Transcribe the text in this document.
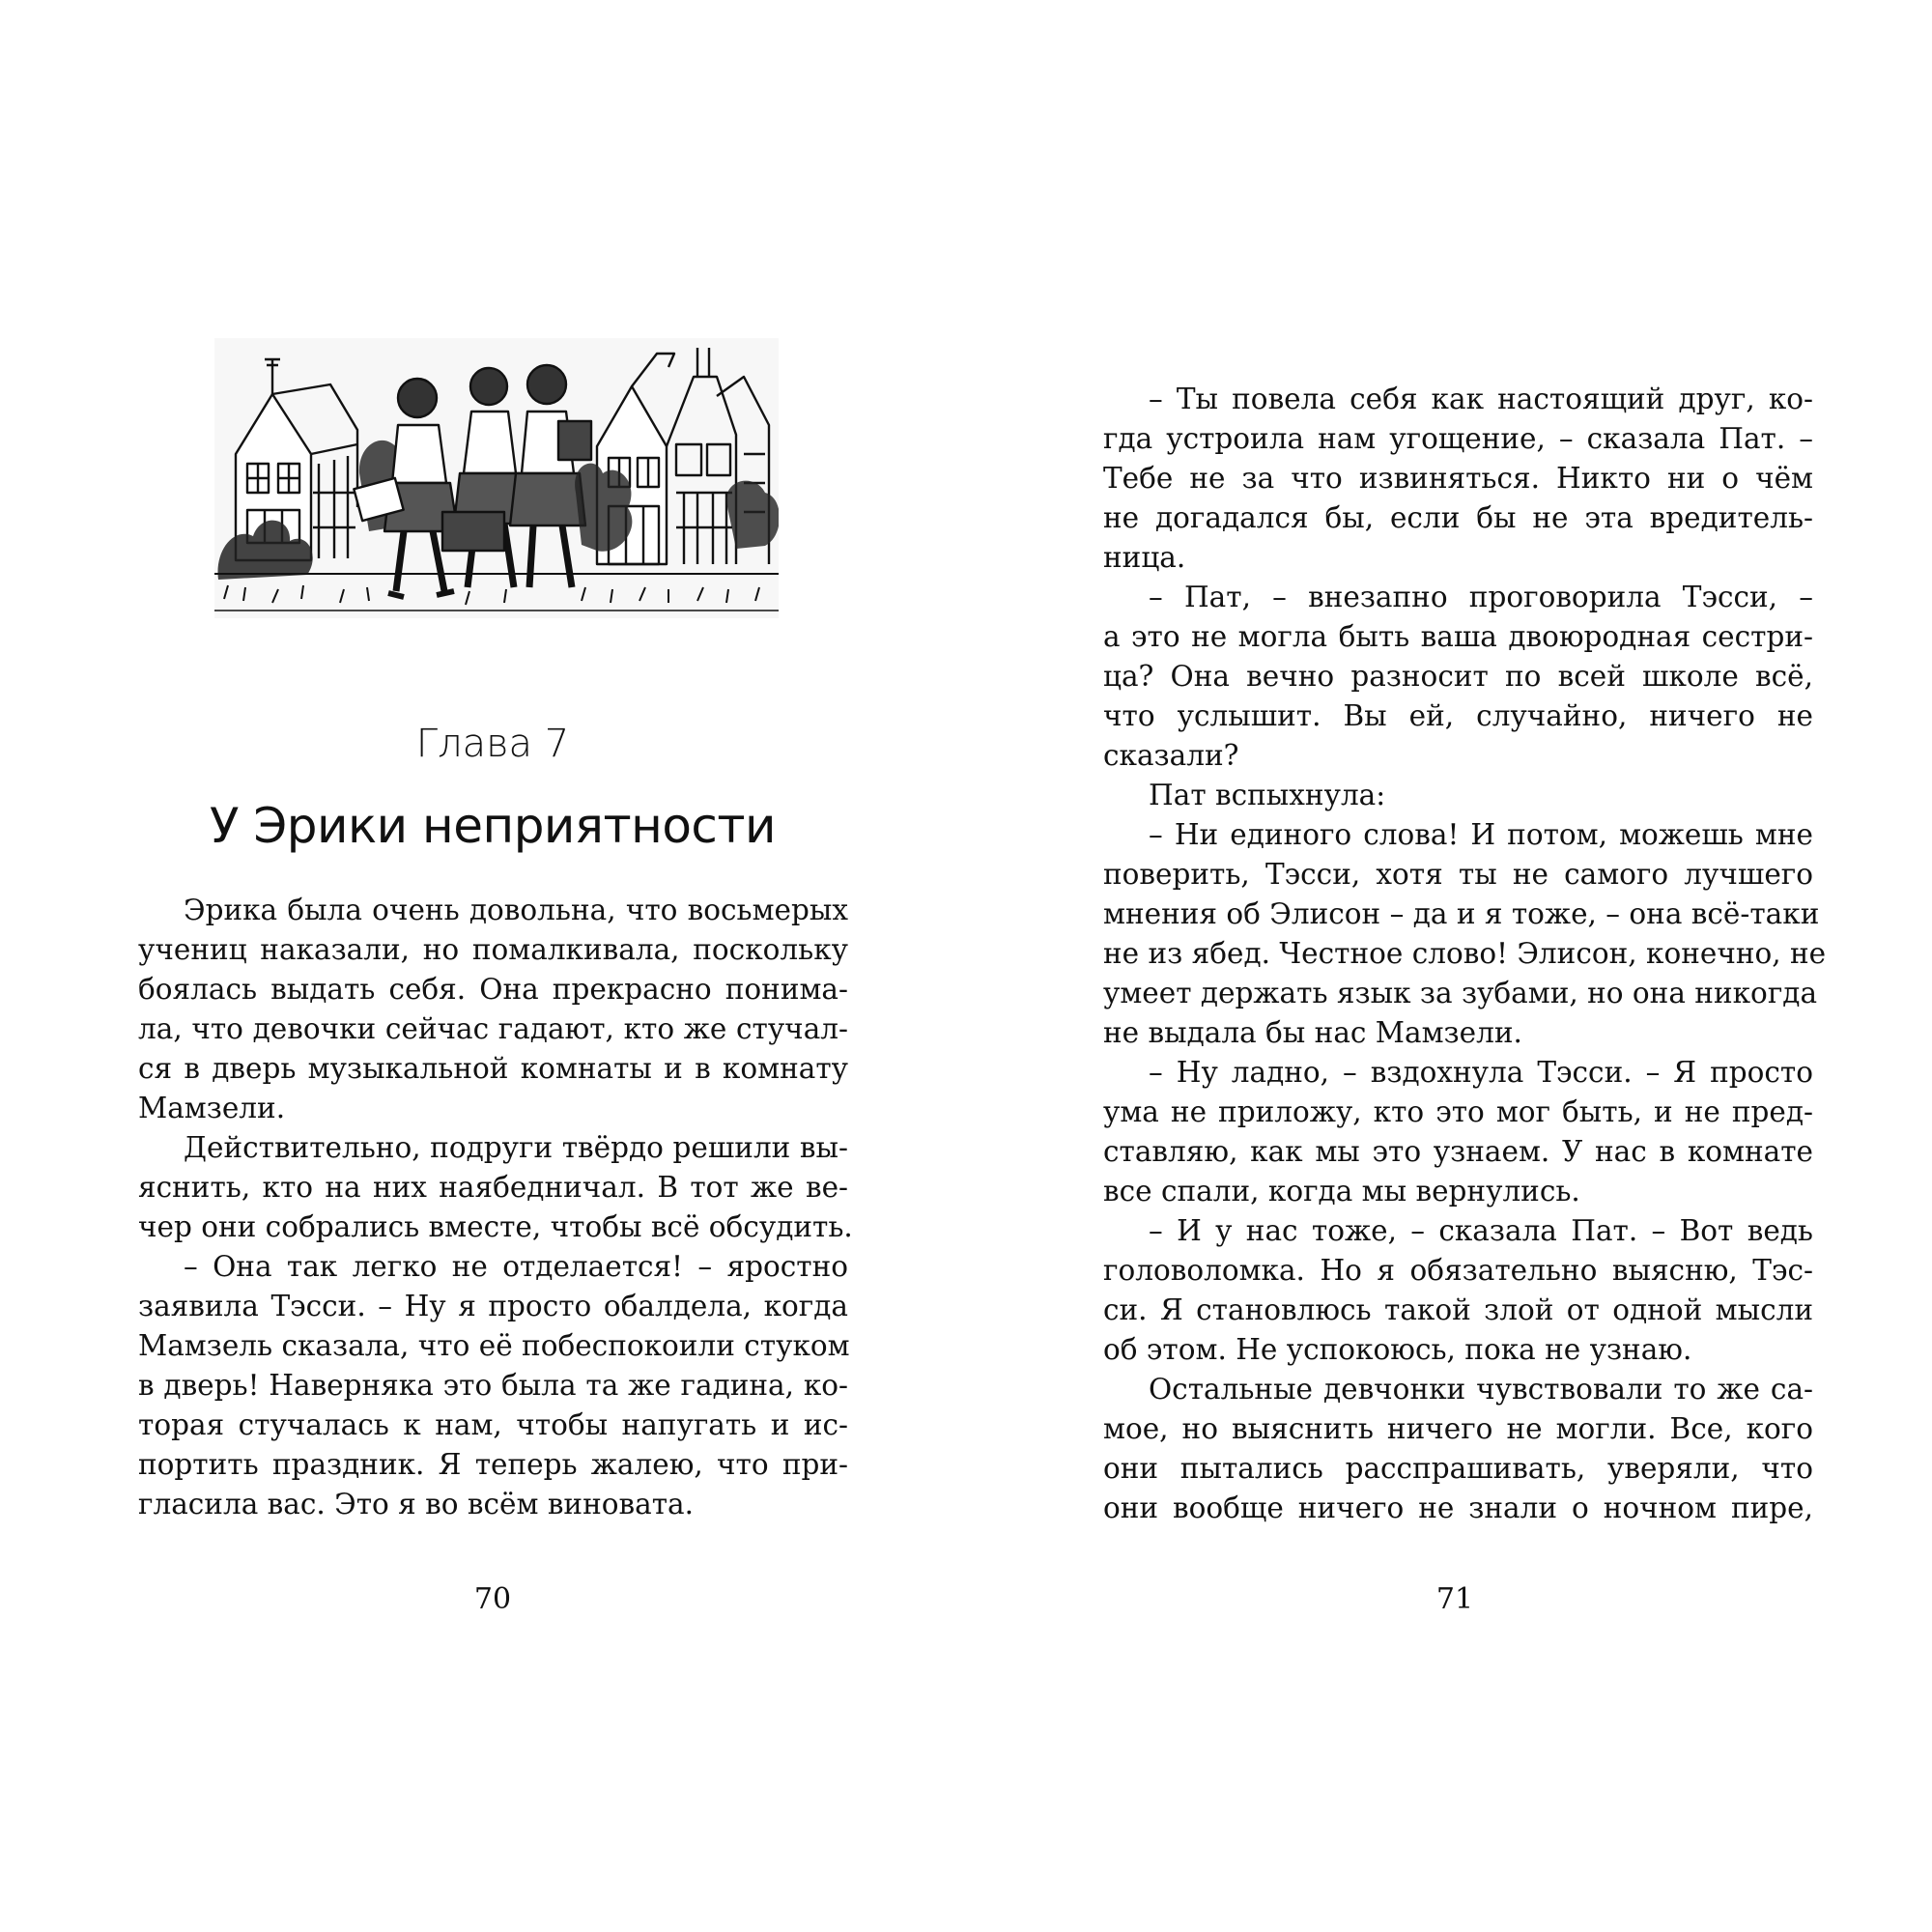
Глава 7
У Эрики неприятности
Эрика была очень довольна, что восьмерых
учениц наказали, но помалкивала, поскольку
боялась выдать себя. Она прекрасно понима-
ла, что девочки сейчас гадают, кто же стучал-
ся в дверь музыкальной комнаты и в комнату
Мамзели.
Действительно, подруги твёрдо решили вы-
яснить, кто на них наябедничал. В тот же ве-
чер они собрались вместе, чтобы всё обсудить.
– Она так легко не отделается! – яростно
заявила Тэсси. – Ну я просто обалдела, когда
Мамзель сказала, что её побеспокоили стуком
в дверь! Наверняка это была та же гадина, ко-
торая стучалась к нам, чтобы напугать и ис-
портить праздник. Я теперь жалею, что при-
гласила вас. Это я во всём виновата.
70
– Ты повела себя как настоящий друг, ко-
гда устроила нам угощение, – сказала Пат. –
Тебе не за что извиняться. Никто ни о чём
не догадался бы, если бы не эта вредитель-
ница.
– Пат, – внезапно проговорила Тэсси, –
а это не могла быть ваша двоюродная сестри-
ца? Она вечно разносит по всей школе всё,
что услышит. Вы ей, случайно, ничего не
сказали?
Пат вспыхнула:
– Ни единого слова! И потом, можешь мне
поверить, Тэсси, хотя ты не самого лучшего
мнения об Элисон – да и я тоже, – она всё-таки
не из ябед. Честное слово! Элисон, конечно, не
умеет держать язык за зубами, но она никогда
не выдала бы нас Мамзели.
– Ну ладно, – вздохнула Тэсси. – Я просто
ума не приложу, кто это мог быть, и не пред-
ставляю, как мы это узнаем. У нас в комнате
все спали, когда мы вернулись.
– И у нас тоже, – сказала Пат. – Вот ведь
головоломка. Но я обязательно выясню, Тэс-
си. Я становлюсь такой злой от одной мысли
об этом. Не успокоюсь, пока не узнаю.
Остальные девчонки чувствовали то же са-
мое, но выяснить ничего не могли. Все, кого
они пытались расспрашивать, уверяли, что
они вообще ничего не знали о ночном пире,
71
